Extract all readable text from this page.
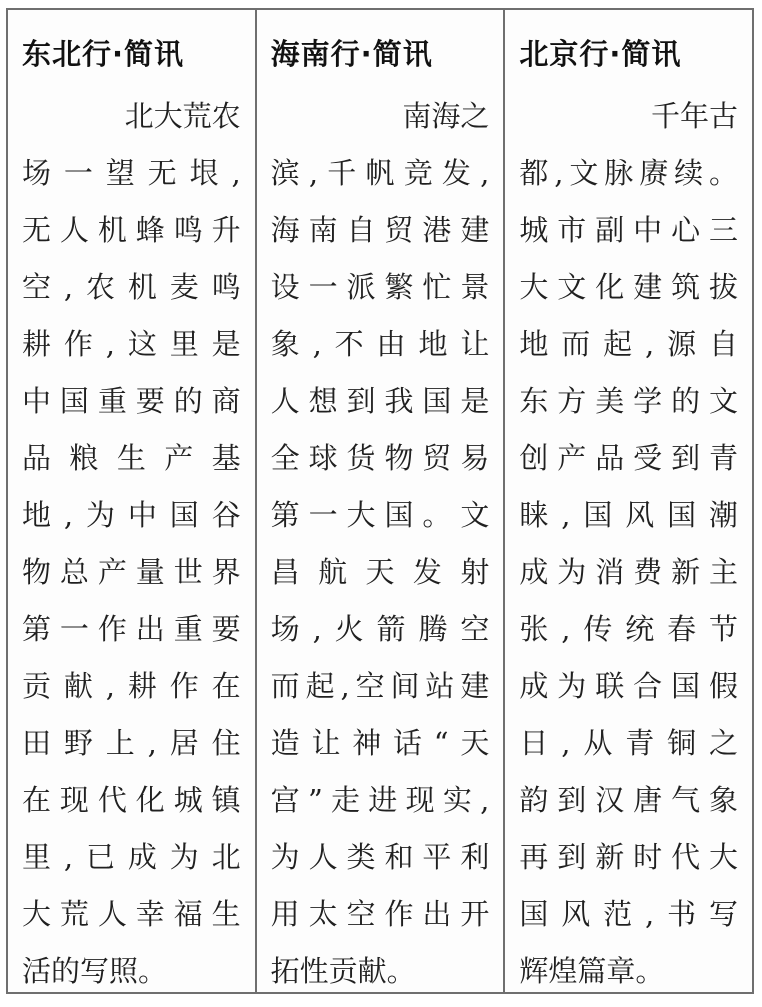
东北行·简讯
　北大荒农
场一望无垠,
无人机蜂鸣升
空,农机麦鸣
耕作,这里是
中国重要的商
品粮生产基
地,为中国谷
物总产量世界
第一作出重要
贡献,耕作在
田野上,居住
在现代化城镇
里,已成为北
大荒人幸福生
活的写照。
海南行·简讯
　南海之
滨,千帆竞发,
海南自贸港建
设一派繁忙景
象,不由地让
人想到我国是
全球货物贸易
第一大国。文
昌航天发射
场,火箭腾空
而起,空间站建
造让神话“天
宫”走进现实,
为人类和平利
用太空作出开
拓性贡献。
北京行·简讯
　千年古
都,文脉赓续。
城市副中心三
大文化建筑拔
地而起,源自
东方美学的文
创产品受到青
睐,国风国潮
成为消费新主
张,传统春节
成为联合国假
日,从青铜之
韵到汉唐气象
再到新时代大
国风范,书写
辉煌篇章。
